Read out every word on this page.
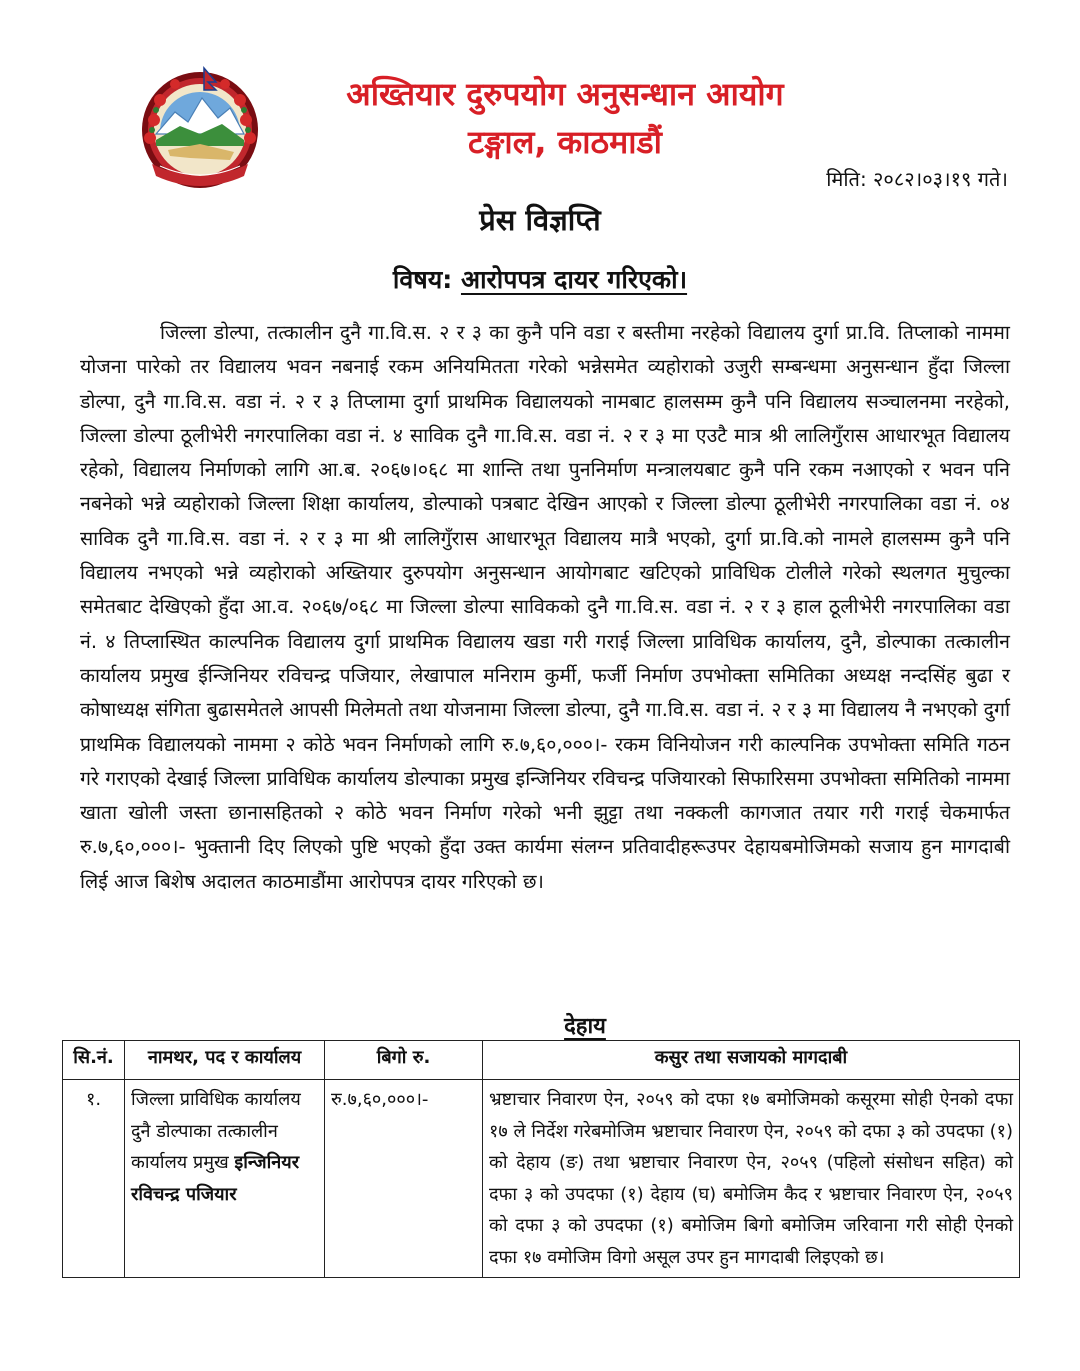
अख्तियार दुरुपयोग अनुसन्धान आयोग
टङ्गाल, काठमाडौं
मिति: २०८२।०३।१९ गते।
प्रेस विज्ञप्ति
विषय: आरोपपत्र दायर गरिएको।

जिल्ला डोल्पा, तत्कालीन दुनै गा.वि.स. २ र ३ का कुनै पनि वडा र बस्तीमा नरहेको विद्यालय दुर्गा प्रा.वि. तिप्लाको नाममा योजना पारेको तर विद्यालय भवन नबनाई रकम अनियमितता गरेको भन्नेसमेत व्यहोराको उजुरी सम्बन्धमा अनुसन्धान हुँदा जिल्ला डोल्पा, दुनै गा.वि.स. वडा नं. २ र ३ तिप्लामा दुर्गा प्राथमिक विद्यालयको नामबाट हालसम्म कुनै पनि विद्यालय सञ्चालनमा नरहेको, जिल्ला डोल्पा ठूलीभेरी नगरपालिका वडा नं. ४ साविक दुनै गा.वि.स. वडा नं. २ र ३ मा एउटै मात्र श्री लालिगुँरास आधारभूत विद्यालय रहेको, विद्यालय निर्माणको लागि आ.ब. २०६७।०६८ मा शान्ति तथा पुननिर्माण मन्त्रालयबाट कुनै पनि रकम नआएको र भवन पनि नबनेको भन्ने व्यहोराको जिल्ला शिक्षा कार्यालय, डोल्पाको पत्रबाट देखिन आएको र जिल्ला डोल्पा ठूलीभेरी नगरपालिका वडा नं. ०४ साविक दुनै गा.वि.स. वडा नं. २ र ३ मा श्री लालिगुँरास आधारभूत विद्यालय मात्रै भएको, दुर्गा प्रा.वि.को नामले हालसम्म कुनै पनि विद्यालय नभएको भन्ने व्यहोराको अख्तियार दुरुपयोग अनुसन्धान आयोगबाट खटिएको प्राविधिक टोलीले गरेको स्थलगत मुचुल्का समेतबाट देखिएको हुँदा आ.व. २०६७/०६८ मा जिल्ला डोल्पा साविकको दुनै गा.वि.स. वडा नं. २ र ३ हाल ठूलीभेरी नगरपालिका वडा नं. ४ तिप्लास्थित काल्पनिक विद्यालय दुर्गा प्राथमिक विद्यालय खडा गरी गराई जिल्ला प्राविधिक कार्यालय, दुनै, डोल्पाका तत्कालीन कार्यालय प्रमुख ईन्जिनियर रविचन्द्र पजियार, लेखापाल मनिराम कुर्मी, फर्जी निर्माण उपभोक्ता समितिका अध्यक्ष नन्दसिंह बुढा र कोषाध्यक्ष संगिता बुढासमेतले आपसी मिलेमतो तथा योजनामा जिल्ला डोल्पा, दुनै गा.वि.स. वडा नं. २ र ३ मा विद्यालय नै नभएको दुर्गा प्राथमिक विद्यालयको नाममा २ कोठे भवन निर्माणको लागि रु.७,६०,०००।- रकम विनियोजन गरी काल्पनिक उपभोक्ता समिति गठन गरे गराएको देखाई जिल्ला प्राविधिक कार्यालय डोल्पाका प्रमुख इन्जिनियर रविचन्द्र पजियारको सिफारिसमा उपभोक्ता समितिको नाममा खाता खोली जस्ता छानासहितको २ कोठे भवन निर्माण गरेको भनी झुट्टा तथा नक्कली कागजात तयार गरी गराई चेकमार्फत रु.७,६०,०००।- भुक्तानी दिए लिएको पुष्टि भएको हुँदा उक्त कार्यमा संलग्न प्रतिवादीहरूउपर देहायबमोजिमको सजाय हुन मागदाबी लिई आज बिशेष अदालत काठमाडौंमा आरोपपत्र दायर गरिएको छ।

देहाय
सि.नं.	नामथर, पद र कार्यालय	बिगो रु.	कसुर तथा सजायको मागदाबी
१.	जिल्ला प्राविधिक कार्यालय दुनै डोल्पाका तत्कालीन कार्यालय प्रमुख इन्जिनियर रविचन्द्र पजियार	रु.७,६०,०००।-	भ्रष्टाचार निवारण ऐन, २०५९ को दफा १७ बमोजिमको कसूरमा सोही ऐनको दफा १७ ले निर्देश गरेबमोजिम भ्रष्टाचार निवारण ऐन, २०५९ को दफा ३ को उपदफा (१) को देहाय (ङ) तथा भ्रष्टाचार निवारण ऐन, २०५९ (पहिलो संसोधन सहित) को दफा ३ को उपदफा (१) देहाय (घ) बमोजिम कैद र भ्रष्टाचार निवारण ऐन, २०५९ को दफा ३ को उपदफा (१) बमोजिम बिगो बमोजिम जरिवाना गरी सोही ऐनको दफा १७ वमोजिम विगो असूल उपर हुन मागदाबी लिइएको छ।
